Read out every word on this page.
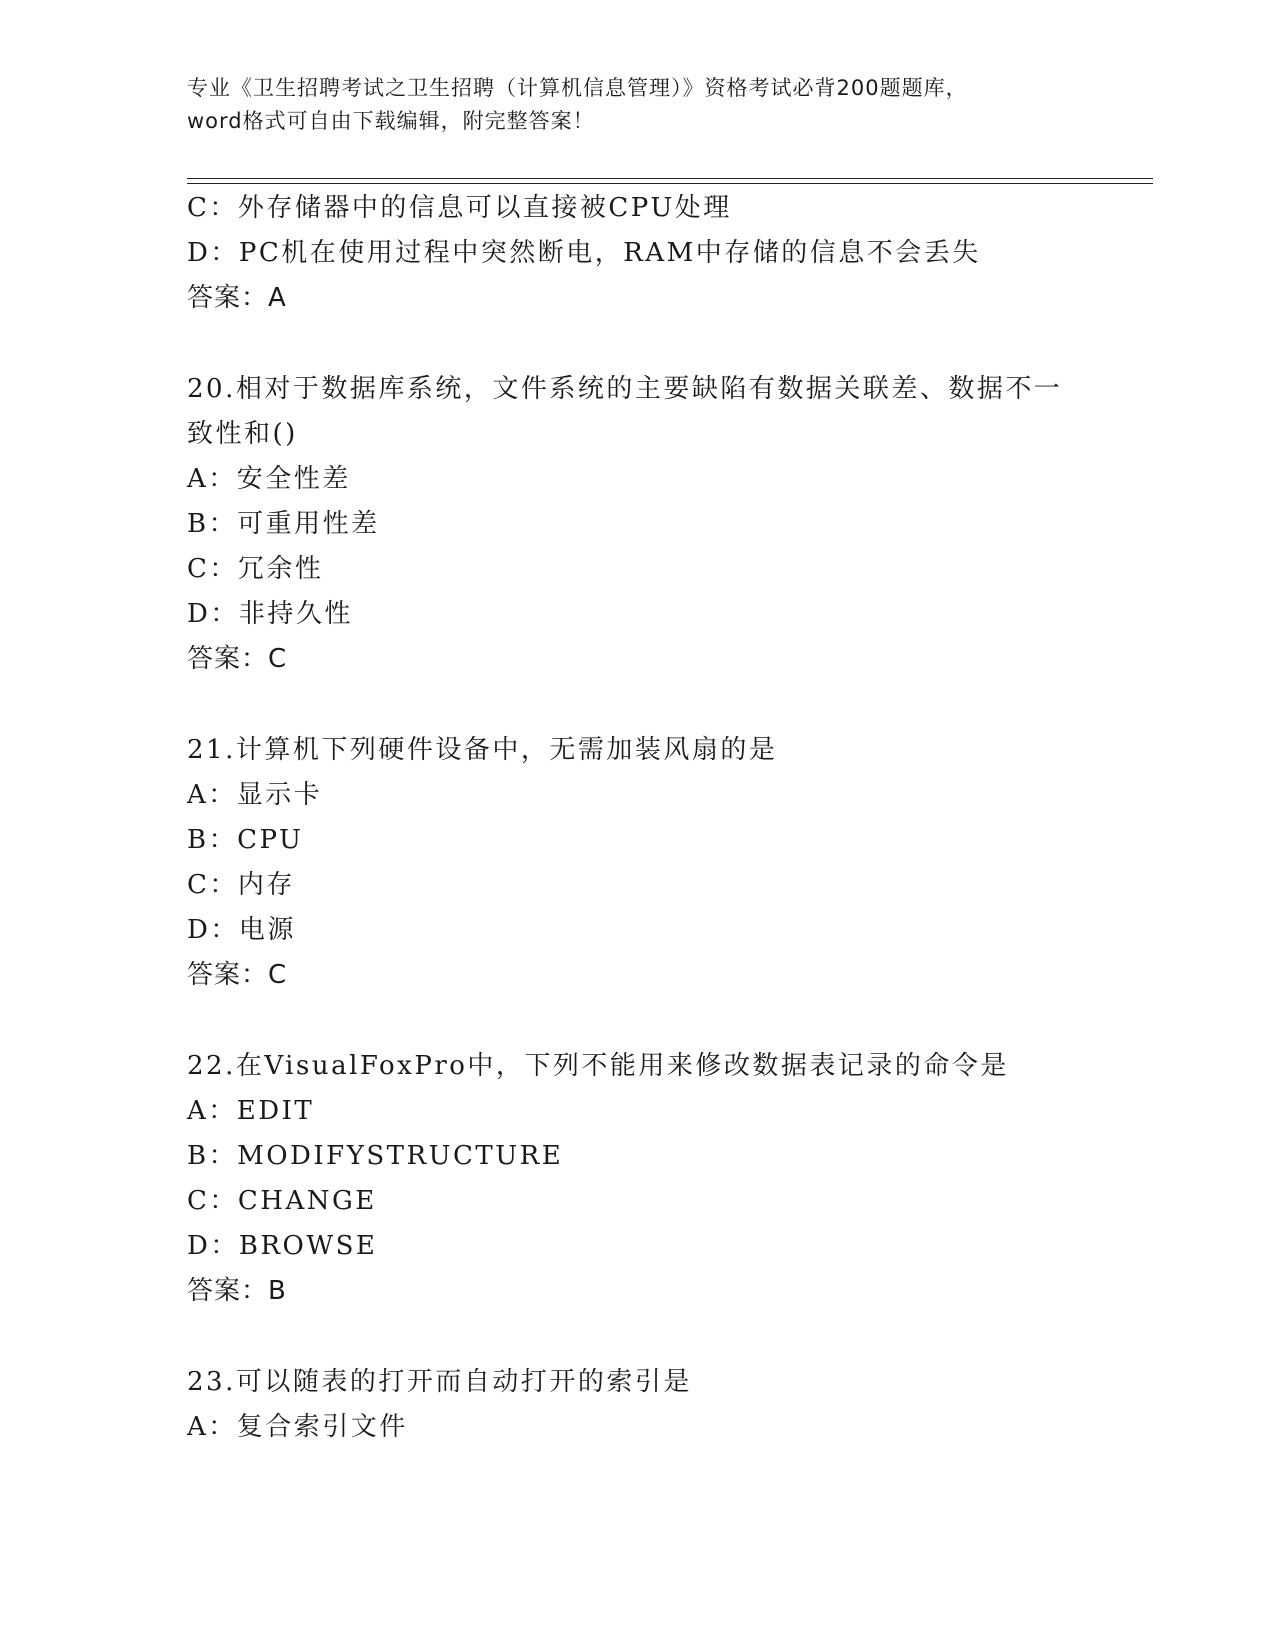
专业《卫生招聘考试之卫生招聘（计算机信息管理）》资格考试必背200题题库，
word格式可自由下载编辑，附完整答案！
C：外存储器中的信息可以直接被CPU处理
D：PC机在使用过程中突然断电，RAM中存储的信息不会丢失
答案：A
20.相对于数据库系统，文件系统的主要缺陷有数据关联差、数据不一
致性和()
A：安全性差
B：可重用性差
C：冗余性
D：非持久性
答案：C
21.计算机下列硬件设备中，无需加装风扇的是
A：显示卡
B：CPU
C：内存
D：电源
答案：C
22.在VisualFoxPro中，下列不能用来修改数据表记录的命令是
A：EDIT
B：MODIFYSTRUCTURE
C：CHANGE
D：BROWSE
答案：B
23.可以随表的打开而自动打开的索引是
A：复合索引文件
